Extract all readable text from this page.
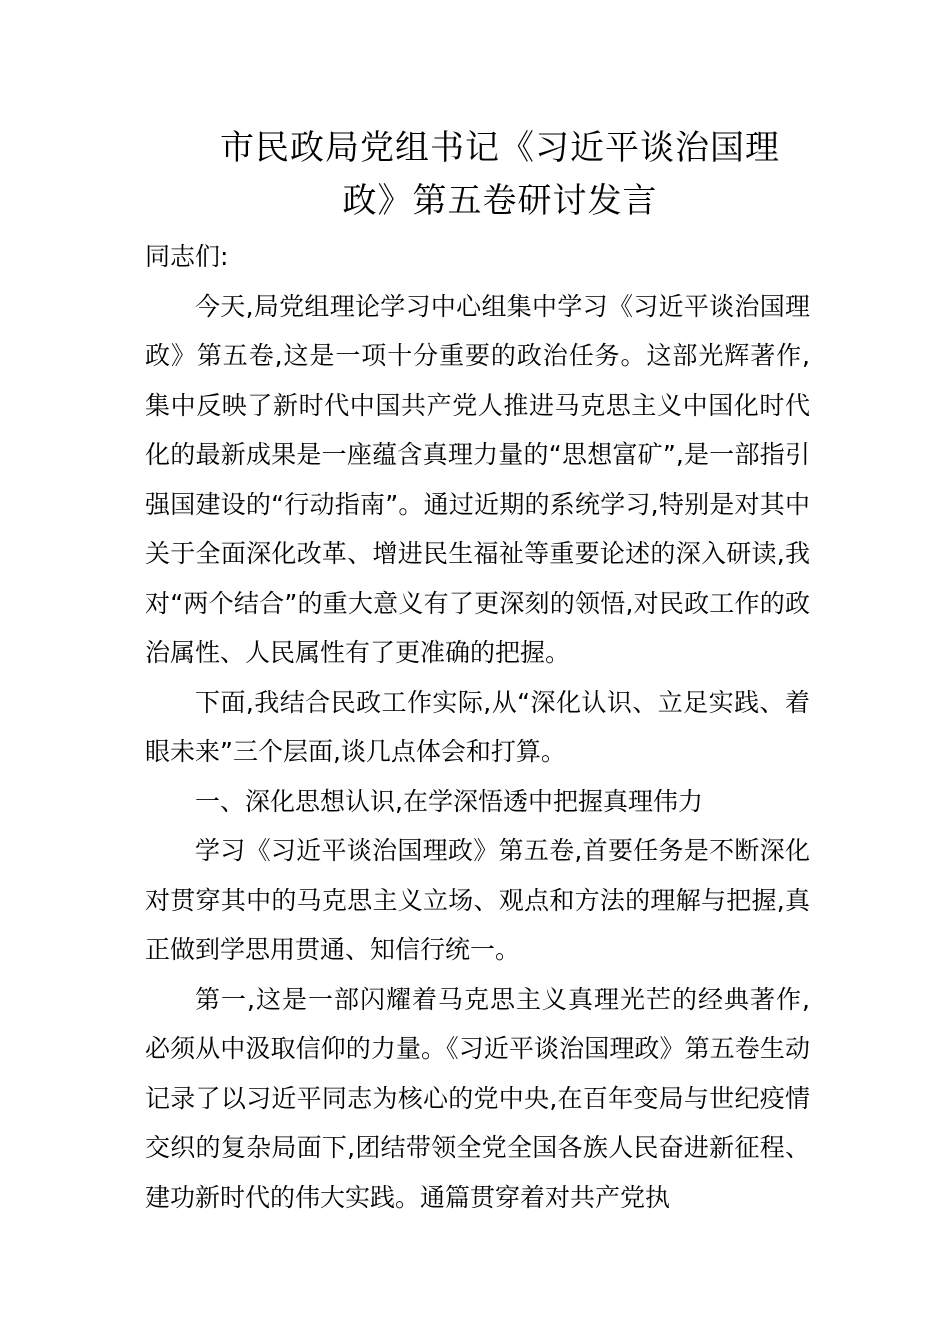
市民政局党组书记《习近平谈治国理
政》第五卷研讨发言

同志们:

今天,局党组理论学习中心组集中学习《习近平谈治国理政》第五卷,这是一项十分重要的政治任务。这部光辉著作,集中反映了新时代中国共产党人推进马克思主义中国化时代化的最新成果是一座蕴含真理力量的“思想富矿”,是一部指引强国建设的“行动指南”。通过近期的系统学习,特别是对其中关于全面深化改革、增进民生福祉等重要论述的深入研读,我对“两个结合”的重大意义有了更深刻的领悟,对民政工作的政治属性、人民属性有了更准确的把握。

下面,我结合民政工作实际,从“深化认识、立足实践、着眼未来”三个层面,谈几点体会和打算。

一、深化思想认识,在学深悟透中把握真理伟力

学习《习近平谈治国理政》第五卷,首要任务是不断深化对贯穿其中的马克思主义立场、观点和方法的理解与把握,真正做到学思用贯通、知信行统一。

第一,这是一部闪耀着马克思主义真理光芒的经典著作,必须从中汲取信仰的力量。《习近平谈治国理政》第五卷生动记录了以习近平同志为核心的党中央,在百年变局与世纪疫情交织的复杂局面下,团结带领全党全国各族人民奋进新征程、建功新时代的伟大实践。通篇贯穿着对共产党执
